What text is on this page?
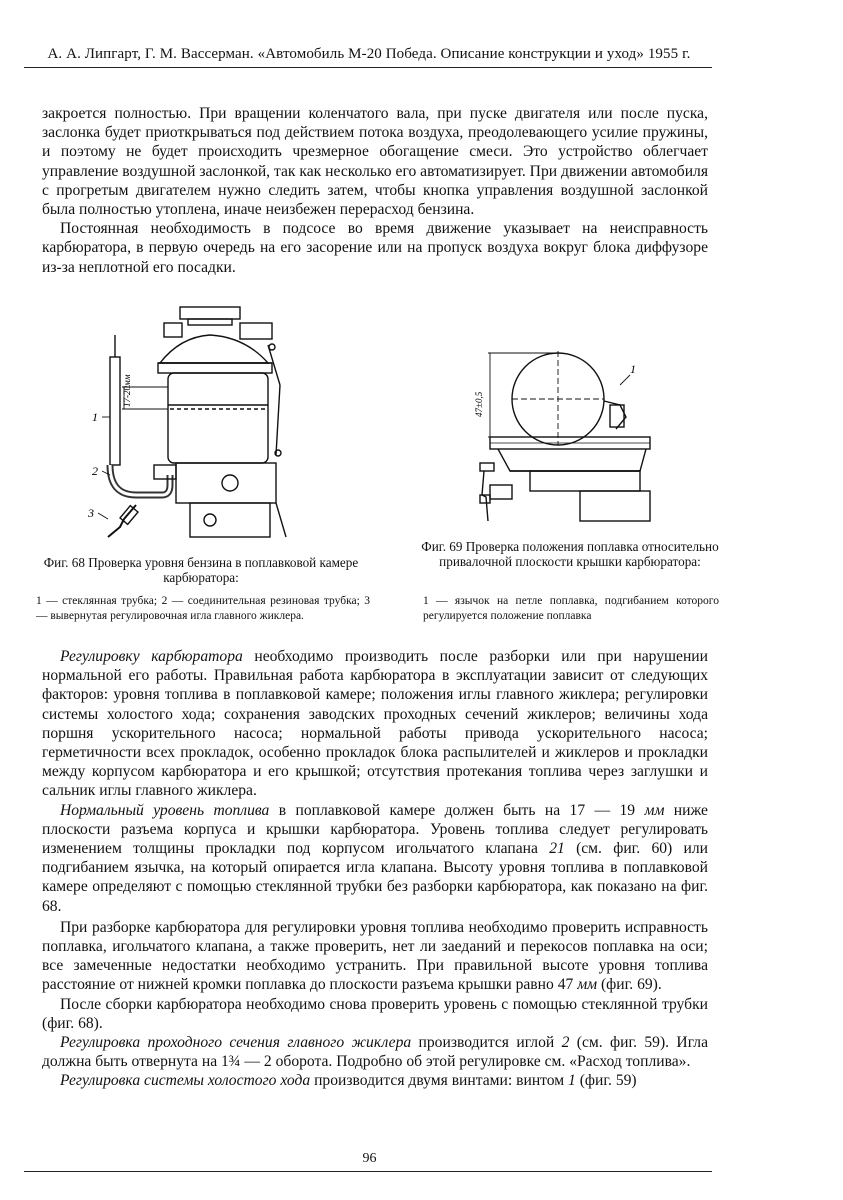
А. А. Липгарт, Г. М. Вассерман. «Автомобиль М-20 Победа. Описание конструкции и уход» 1955 г.

закроется полностью. При вращении коленчатого вала, при пуске двигателя или после пуска, заслонка будет приоткрываться под действием потока воздуха, преодолевающего усилие пружины, и поэтому не будет происходить чрезмерное обогащение смеси. Это устройство облегчает управление воздушной заслонкой, так как несколько его автоматизирует. При движении автомобиля с прогретым двигателем нужно следить затем, чтобы кнопка управления воздушной заслонкой была полностью утоплена, иначе неизбежен перерасход бензина.

Постоянная необходимость в подсосе во время движение указывает на неисправность карбюратора, в первую очередь на его засорение или на пропуск воздуха вокруг блока диффузоре из-за неплотной его посадки.

17-20мм
1
2
3
47±0,5
1
Фиг. 68 Проверка уровня бензина в поплавковой камере карбюратора:
1 — стеклянная трубка; 2 — соединительная резиновая трубка; 3 — вывернутая регулировочная игла главного жиклера.
Фиг. 69 Проверка положения поплавка относительно привалочной плоскости крышки карбюратора:
1 — язычок на петле поплавка, подгибанием которого регулируется положение поплавка

Регулировку карбюратора необходимо производить после разборки или при нарушении нормальной его работы. Правильная работа карбюратора в эксплуатации зависит от следующих факторов: уровня топлива в поплавковой камере; положения иглы главного жиклера; регулировки системы холостого хода; сохранения заводских проходных сечений жиклеров; величины хода поршня ускорительного насоса; нормальной работы привода ускорительного насоса; герметичности всех прокладок, особенно прокладок блока распылителей и жиклеров и прокладки между корпусом карбюратора и его крышкой; отсутствия протекания топлива через заглушки и сальник иглы главного жиклера.

Нормальный уровень топлива в поплавковой камере должен быть на 17 — 19 мм ниже плоскости разъема корпуса и крышки карбюратора. Уровень топлива следует регулировать изменением толщины прокладки под корпусом игольчатого клапана 21 (см. фиг. 60) или подгибанием язычка, на который опирается игла клапана. Высоту уровня топлива в поплавковой камере определяют с помощью стеклянной трубки без разборки карбюратора, как показано на фиг. 68.

При разборке карбюратора для регулировки уровня топлива необходимо проверить исправность поплавка, игольчатого клапана, а также проверить, нет ли заеданий и перекосов поплавка на оси; все замеченные недостатки необходимо устранить. При правильной высоте уровня топлива расстояние от нижней кромки поплавка до плоскости разъема крышки равно 47 мм (фиг. 69).

После сборки карбюратора необходимо снова проверить уровень с помощью стеклянной трубки (фиг. 68).

Регулировка проходного сечения главного жиклера производится иглой 2 (см. фиг. 59). Игла должна быть отвернута на 1¾ — 2 оборота. Подробно об этой регулировке см. «Расход топлива».

Регулировка системы холостого хода производится двумя винтами: винтом 1 (фиг. 59)

96
